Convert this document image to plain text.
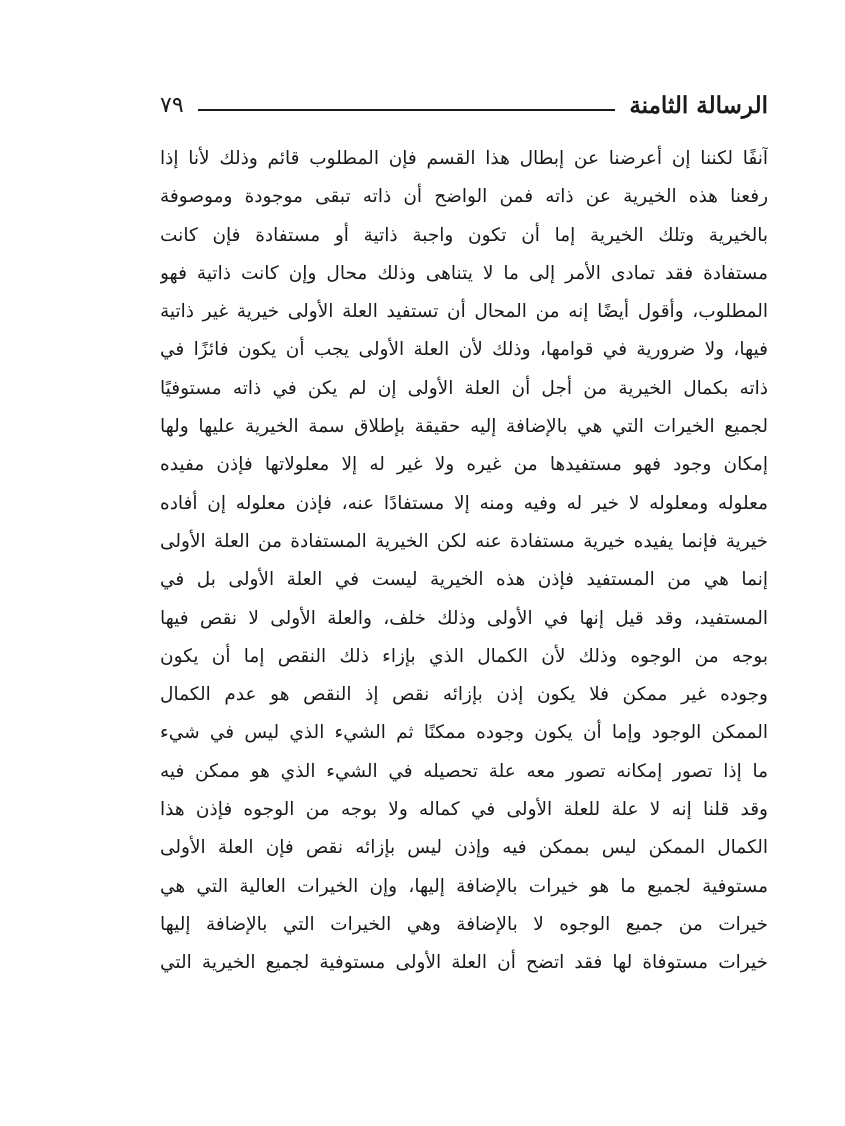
الرسالة الثامنة
٧٩
آنفًا لكننا إن أعرضنا عن إبطال هذا القسم فإن المطلوب قائم وذلك لأنا إذا
رفعنا هذه الخيرية عن ذاته فمن الواضح أن ذاته تبقى موجودة وموصوفة
بالخيرية وتلك الخيرية إما أن تكون واجبة ذاتية أو مستفادة فإن كانت
مستفادة فقد تمادى الأمر إلى ما لا يتناهى وذلك محال وإن كانت ذاتية فهو
المطلوب، وأقول أيضًا إنه من المحال أن تستفيد العلة الأولى خيرية غير ذاتية
فيها، ولا ضرورية في قوامها، وذلك لأن العلة الأولى يجب أن يكون فائزًا في
ذاته بكمال الخيرية من أجل أن العلة الأولى إن لم يكن في ذاته مستوفيًا
لجميع الخيرات التي هي بالإضافة إليه حقيقة بإطلاق سمة الخيرية عليها ولها
إمكان وجود فهو مستفيدها من غيره ولا غير له إلا معلولاتها فإذن مفيده
معلوله ومعلوله لا خير له وفيه ومنه إلا مستفادًا عنه، فإذن معلوله إن أفاده
خيرية فإنما يفيده خيرية مستفادة عنه لكن الخيرية المستفادة من العلة الأولى
إنما هي من المستفيد فإذن هذه الخيرية ليست في العلة الأولى بل في
المستفيد، وقد قيل إنها في الأولى وذلك خلف، والعلة الأولى لا نقص فيها
بوجه من الوجوه وذلك لأن الكمال الذي بإزاء ذلك النقص إما أن يكون
وجوده غير ممكن فلا يكون إذن بإزائه نقص إذ النقص هو عدم الكمال
الممكن الوجود وإما أن يكون وجوده ممكنًا ثم الشيء الذي ليس في شيء
ما إذا تصور إمكانه تصور معه علة تحصيله في الشيء الذي هو ممكن فيه
وقد قلنا إنه لا علة للعلة الأولى في كماله ولا بوجه من الوجوه فإذن هذا
الكمال الممكن ليس بممكن فيه وإذن ليس بإزائه نقص فإن العلة الأولى
مستوفية لجميع ما هو خيرات بالإضافة إليها، وإن الخيرات العالية التي هي
خيرات من جميع الوجوه لا بالإضافة وهي الخيرات التي بالإضافة إليها
خيرات مستوفاة لها فقد اتضح أن العلة الأولى مستوفية لجميع الخيرية التي
